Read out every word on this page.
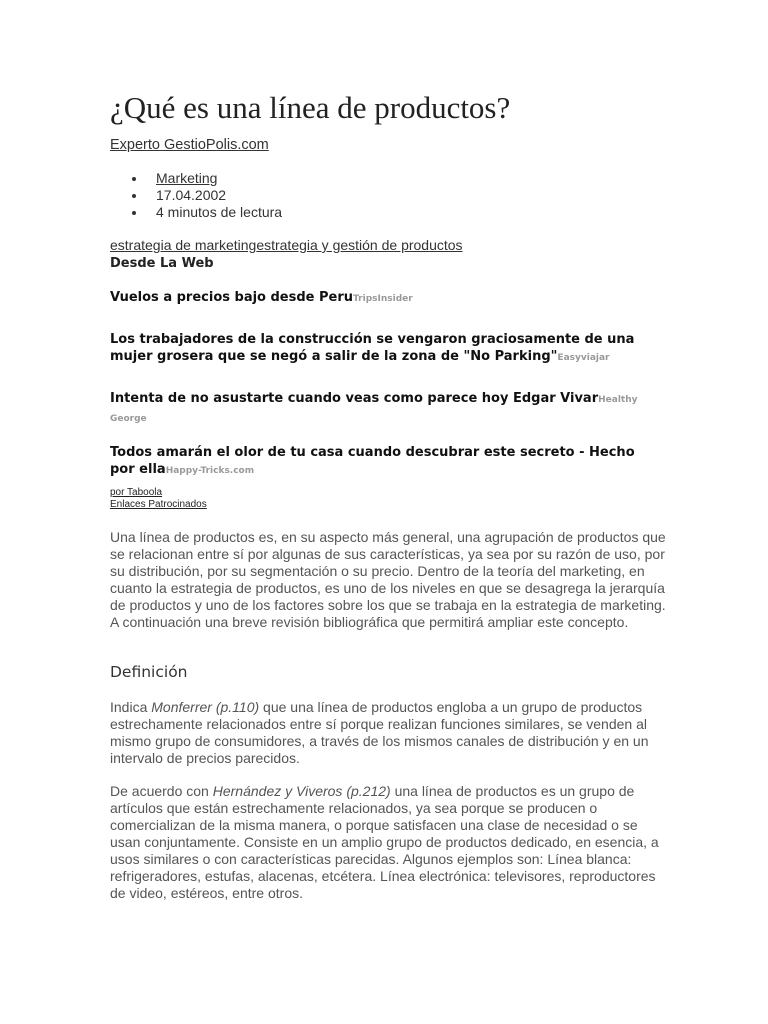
¿Qué es una línea de productos?
Experto GestioPolis.com
Marketing
17.04.2002
4 minutos de lectura
estrategia de marketingestrategia y gestión de productos
Desde La Web
Vuelos a precios bajo desde PeruTripsInsider
Los trabajadores de la construcción se vengaron graciosamente de una mujer grosera que se negó a salir de la zona de "No Parking"Easyviajar
Intenta de no asustarte cuando veas como parece hoy Edgar VivarHealthy George
Todos amarán el olor de tu casa cuando descubrar este secreto - Hecho por ellaHappy-Tricks.com
por Taboola
Enlaces Patrocinados

Una línea de productos es, en su aspecto más general, una agrupación de productos que se relacionan entre sí por algunas de sus características, ya sea por su razón de uso, por su distribución, por su segmentación o su precio. Dentro de la teoría del marketing, en cuanto la estrategia de productos, es uno de los niveles en que se desagrega la jerarquía de productos y uno de los factores sobre los que se trabaja en la estrategia de marketing. A continuación una breve revisión bibliográfica que permitirá ampliar este concepto.

Definición

Indica Monferrer (p.110) que una línea de productos engloba a un grupo de productos estrechamente relacionados entre sí porque realizan funciones similares, se venden al mismo grupo de consumidores, a través de los mismos canales de distribución y en un intervalo de precios parecidos.

De acuerdo con Hernández y Viveros (p.212) una línea de productos es un grupo de artículos que están estrechamente relacionados, ya sea porque se producen o comercializan de la misma manera, o porque satisfacen una clase de necesidad o se usan conjuntamente. Consiste en un amplio grupo de productos dedicado, en esencia, a usos similares o con características parecidas. Algunos ejemplos son: Línea blanca: refrigeradores, estufas, alacenas, etcétera. Línea electrónica: televisores, reproductores de video, estéreos, entre otros.
